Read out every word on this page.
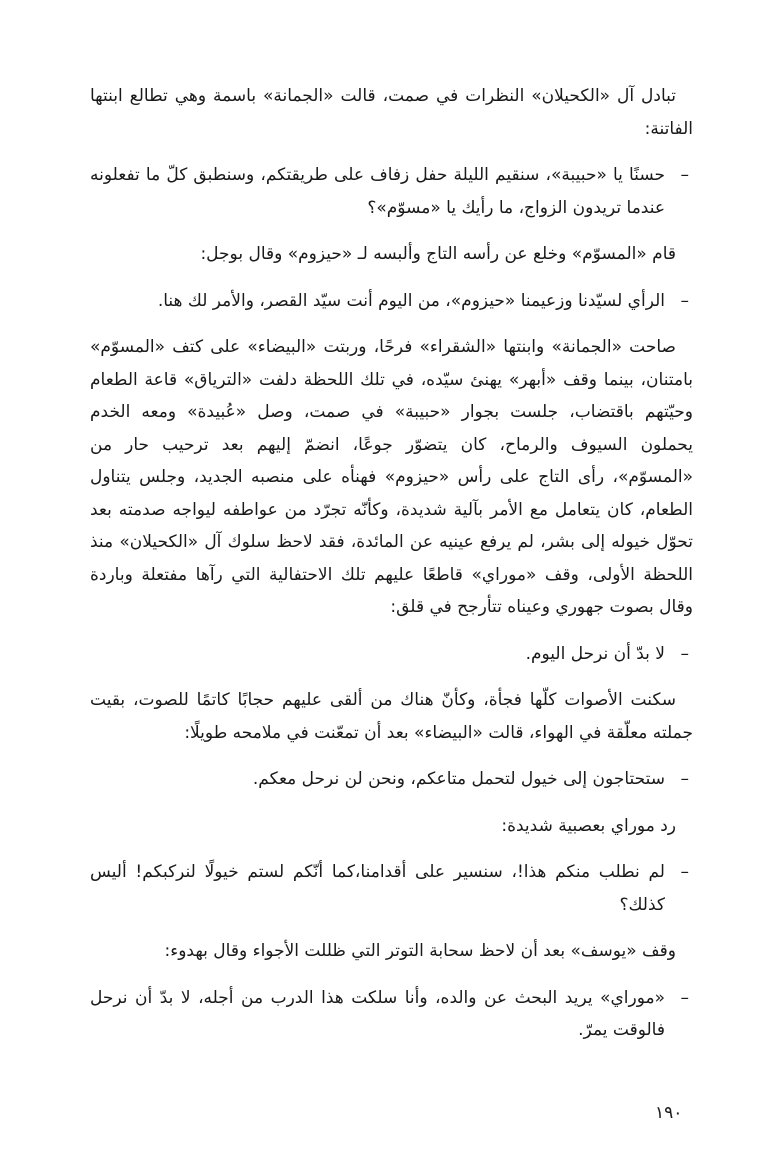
تبادل آل «الكحيلان» النظرات في صمت، قالت «الجمانة» باسمة وهي تطالع ابنتها الفاتنة:

–
حسنًا يا «حبيبة»، سنقيم الليلة حفل زفاف على طريقتكم، وسنطبق كلّ ما تفعلونه عندما تريدون الزواج، ما رأيك يا «مسوّم»؟

قام «المسوّم» وخلع عن رأسه التاج وألبسه لـ «حيزوم» وقال بوجل:

–
الرأي لسيّدنا وزعيمنا «حيزوم»، من اليوم أنت سيّد القصر، والأمر لك هنا.

صاحت «الجمانة» وابنتها «الشقراء» فرحًا، وربتت «البيضاء» على كتف «المسوّم» بامتنان، بينما وقف «أبهر» يهنئ سيّده، في تلك اللحظة دلفت «الترياق» قاعة الطعام وحيّتهم باقتضاب، جلست بجوار «حبيبة» في صمت، وصل «عُبيدة» ومعه الخدم يحملون السيوف والرماح، كان يتضوّر جوعًا، انضمّ إليهم بعد ترحيب حار من «المسوّم»، رأى التاج على رأس «حيزوم» فهنأه على منصبه الجديد، وجلس يتناول الطعام، كان يتعامل مع الأمر بآلية شديدة، وكأنّه تجرّد من عواطفه ليواجه صدمته بعد تحوّل خيوله إلى بشر، لم يرفع عينيه عن المائدة، فقد لاحظ سلوك آل «الكحيلان» منذ اللحظة الأولى، وقف «موراي» قاطعًا عليهم تلك الاحتفالية التي رآها مفتعلة وباردة وقال بصوت جهوري وعيناه تتأرجح في قلق:

–
لا بدّ أن نرحل اليوم.

سكنت الأصوات كلّها فجأة، وكأنّ هناك من ألقى عليهم حجابًا كاتمًا للصوت، بقيت جملته معلّقة في الهواء، قالت «البيضاء» بعد أن تمعّنت في ملامحه طويلًا:

–
ستحتاجون إلى خيول لتحمل متاعكم، ونحن لن نرحل معكم.

رد موراي بعصبية شديدة:

–
لم نطلب منكم هذا!، سنسير على أقدامنا،كما أنّكم لستم خيولًا لنركبكم! أليس كذلك؟

وقف «يوسف» بعد أن لاحظ سحابة التوتر التي ظللت الأجواء وقال بهدوء:

–
«موراي» يريد البحث عن والده، وأنا سلكت هذا الدرب من أجله، لا بدّ أن نرحل فالوقت يمرّ.

١٩٠
